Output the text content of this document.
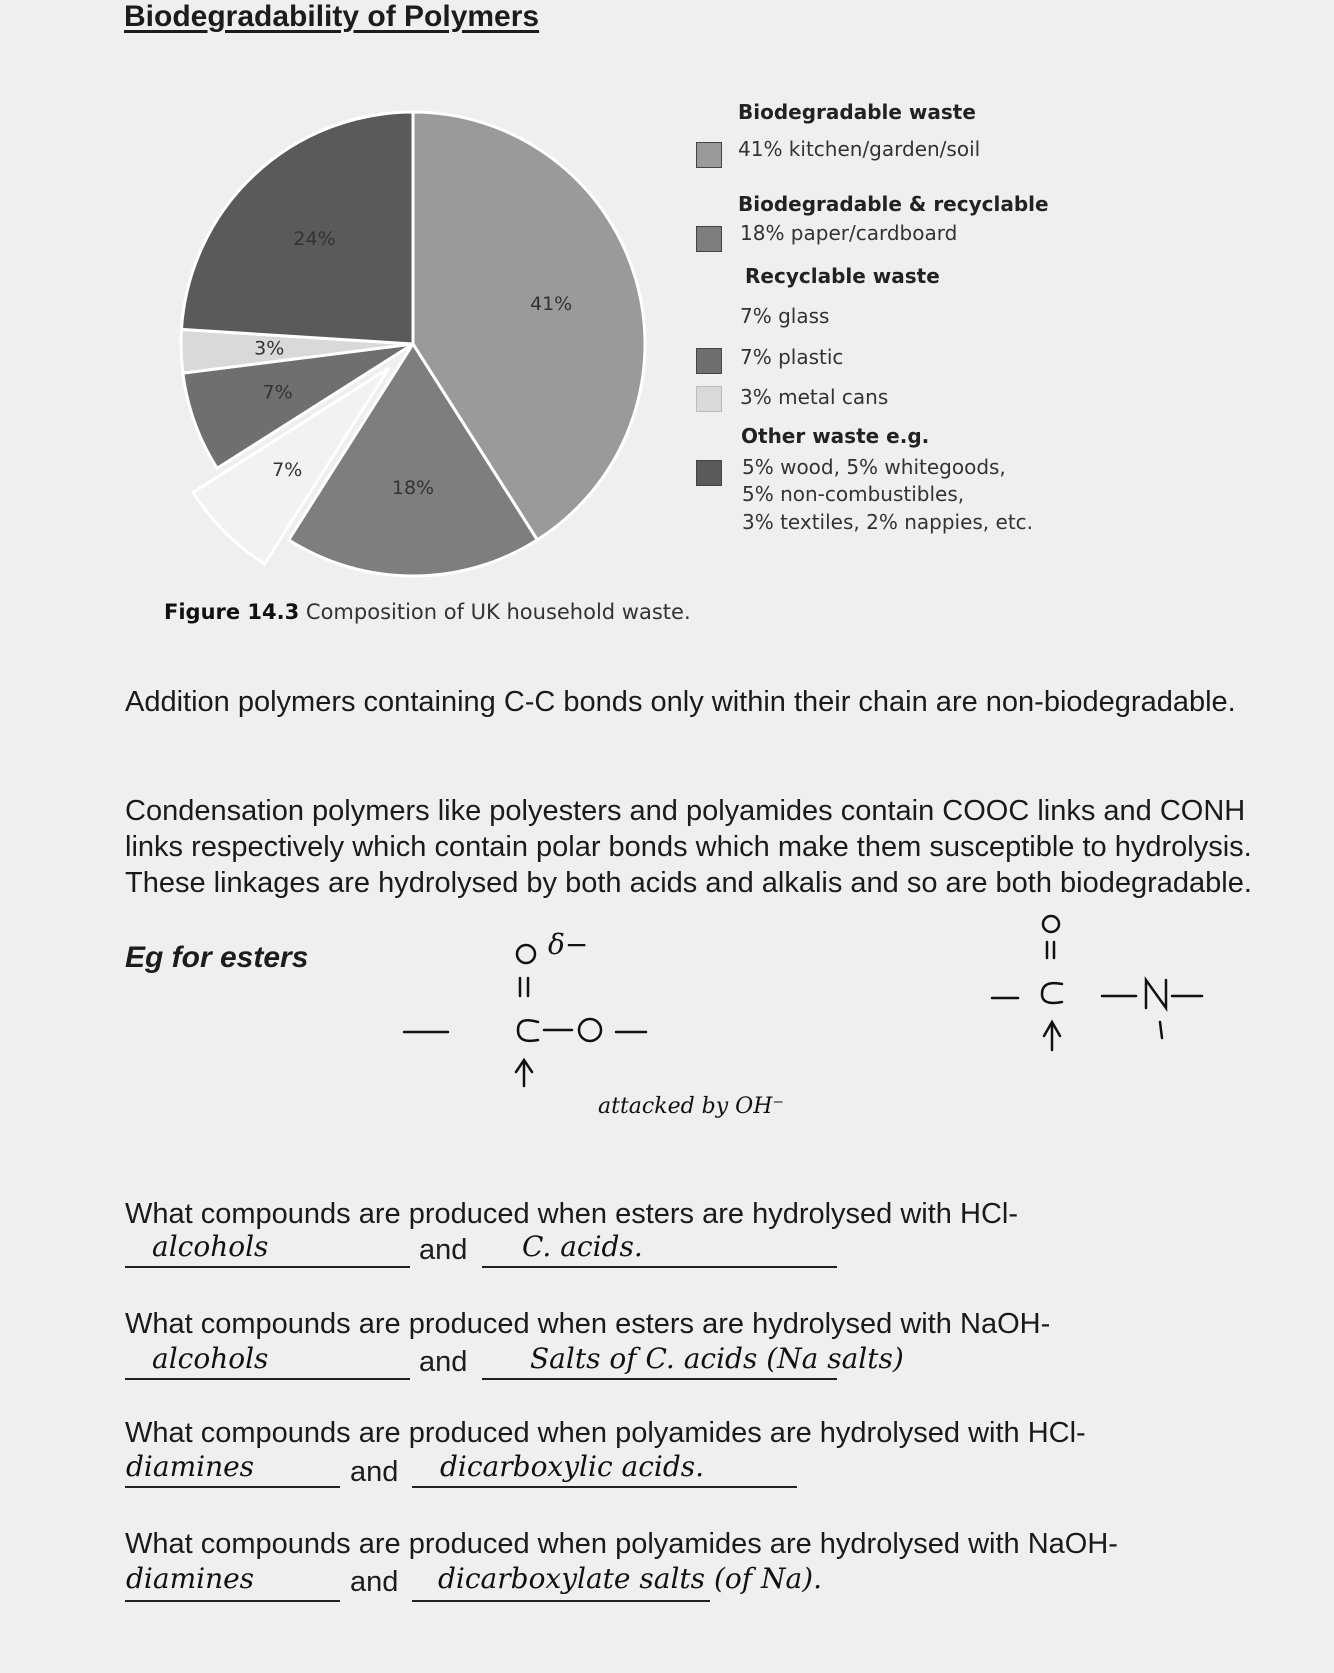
Biodegradability of Polymers
41%
18%
7%
7%
3%
24%
Biodegradable waste
41% kitchen/garden/soil
Biodegradable & recyclable
18% paper/cardboard
Recyclable waste
7% glass
7% plastic
3% metal cans
Other waste e.g.
5% wood, 5% whitegoods,
5% non-combustibles,
3% textiles, 2% nappies, etc.
Figure 14.3 Composition of UK household waste.
Addition polymers containing C-C bonds only within their chain are non-biodegradable.
Condensation polymers like polyesters and polyamides contain COOC links and CONH links respectively which contain polar bonds which make them susceptible to hydrolysis. These linkages are hydrolysed by both acids and alkalis and so are both biodegradable.
Eg for esters	δ−
attacked by OH⁻
What compounds are produced when esters are hydrolysed with HCl-
alcohols	and C. acids.
What compounds are produced when esters are hydrolysed with NaOH-
alcohols	and Salts of C. acids (Na salts)
What compounds are produced when polyamides are hydrolysed with HCl-
diamines	and dicarboxylic acids.
What compounds are produced when polyamides are hydrolysed with NaOH-
diamines	and dicarboxylate salts (of Na).
